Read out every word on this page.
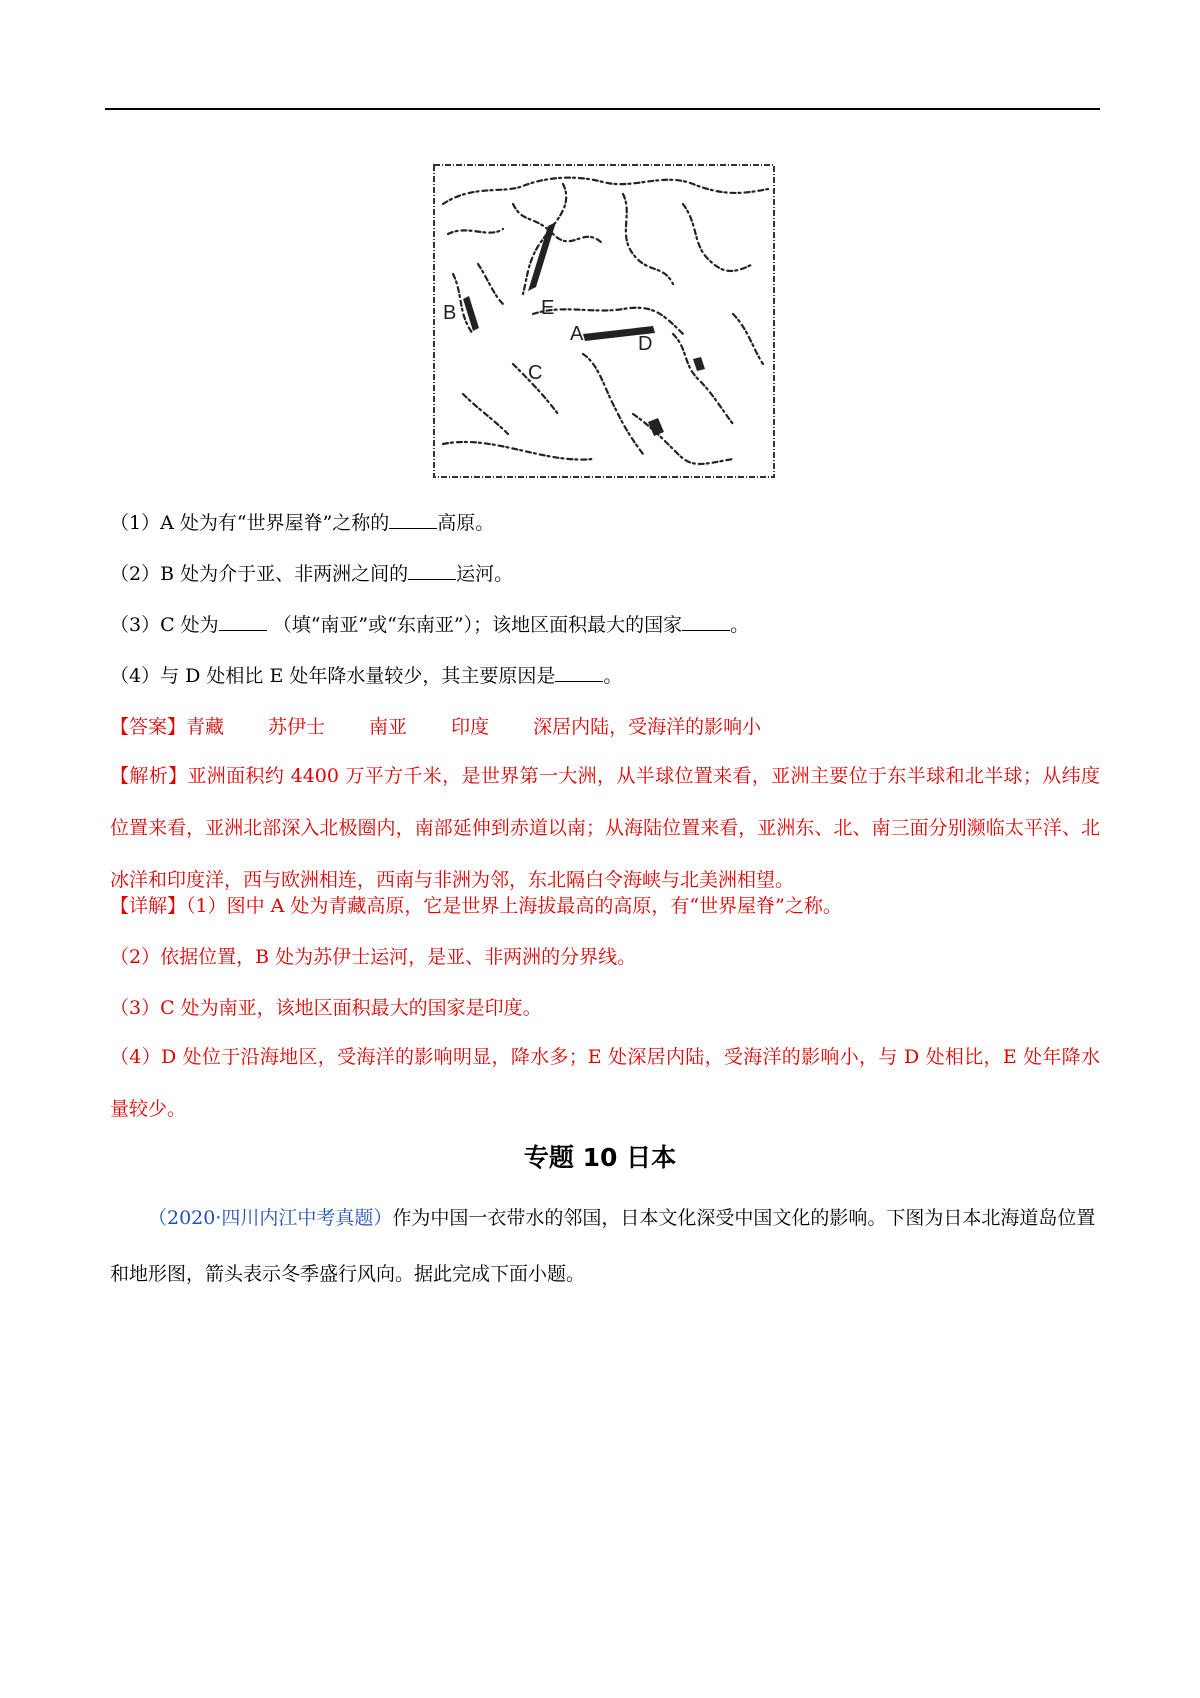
B	E
A
C
D
（1）A 处为有“世界屋脊”之称的	高原。
（2）B 处为介于亚、非两洲之间的	运河。
（3）C 处为	（填“南亚”或“东南亚”）；该地区面积最大的国家	。
（4）与 D 处相比 E 处年降水量较少，其主要原因是	。
【答案】青藏 苏伊士 南亚 印度 深居内陆，受海洋的影响小
【解析】亚洲面积约 4400 万平方千米，是世界第一大洲，从半球位置来看，亚洲主要位于东半球和北半球；从纬度位置来看，亚洲北部深入北极圈内，南部延伸到赤道以南；从海陆位置来看，亚洲东、北、南三面分别濒临太平洋、北冰洋和印度洋，西与欧洲相连，西南与非洲为邻，东北隔白令海峡与北美洲相望。
【详解】（1）图中 A 处为青藏高原，它是世界上海拔最高的高原，有“世界屋脊”之称。
（2）依据位置，B 处为苏伊士运河，是亚、非两洲的分界线。
（3）C 处为南亚，该地区面积最大的国家是印度。
（4）D 处位于沿海地区，受海洋的影响明显，降水多；E 处深居内陆，受海洋的影响小，与 D 处相比，E 处年降水量较少。
专题 10 日本
（2020·四川内江中考真题）作为中国一衣带水的邻国，日本文化深受中国文化的影响。下图为日本北海道岛位置和地形图，箭头表示冬季盛行风向。据此完成下面小题。
